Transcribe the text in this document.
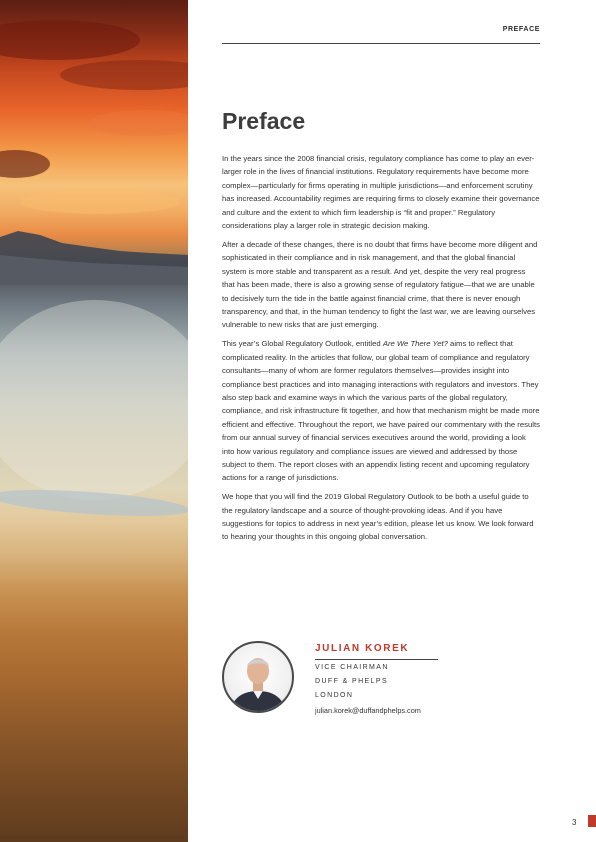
PREFACE
Preface

In the years since the 2008 financial crisis, regulatory compliance has come to play an ever-larger role in the lives of financial institutions. Regulatory requirements have become more complex—particularly for firms operating in multiple jurisdictions—and enforcement scrutiny has increased. Accountability regimes are requiring firms to closely examine their governance and culture and the extent to which firm leadership is “fit and proper.” Regulatory considerations play a larger role in strategic decision making.

After a decade of these changes, there is no doubt that firms have become more diligent and sophisticated in their compliance and in risk management, and that the global financial system is more stable and transparent as a result. And yet, despite the very real progress that has been made, there is also a growing sense of regulatory fatigue—that we are unable to decisively turn the tide in the battle against financial crime, that there is never enough transparency, and that, in the human tendency to fight the last war, we are leaving ourselves vulnerable to new risks that are just emerging.

This year’s Global Regulatory Outlook, entitled Are We There Yet? aims to reflect that complicated reality. In the articles that follow, our global team of compliance and regulatory consultants—many of whom are former regulators themselves—provides insight into compliance best practices and into managing interactions with regulators and investors. They also step back and examine ways in which the various parts of the global regulatory, compliance, and risk infrastructure fit together, and how that mechanism might be made more efficient and effective. Throughout the report, we have paired our commentary with the results from our annual survey of financial services executives around the world, providing a look into how various regulatory and compliance issues are viewed and addressed by those subject to them. The report closes with an appendix listing recent and upcoming regulatory actions for a range of jurisdictions.

We hope that you will find the 2019 Global Regulatory Outlook to be both a useful guide to the regulatory landscape and a source of thought-provoking ideas. And if you have suggestions for topics to address in next year’s edition, please let us know. We look forward to hearing your thoughts in this ongoing global conversation.

JULIAN KOREK
VICE CHAIRMAN
DUFF & PHELPS
LONDON
julian.korek@duffandphelps.com
3
